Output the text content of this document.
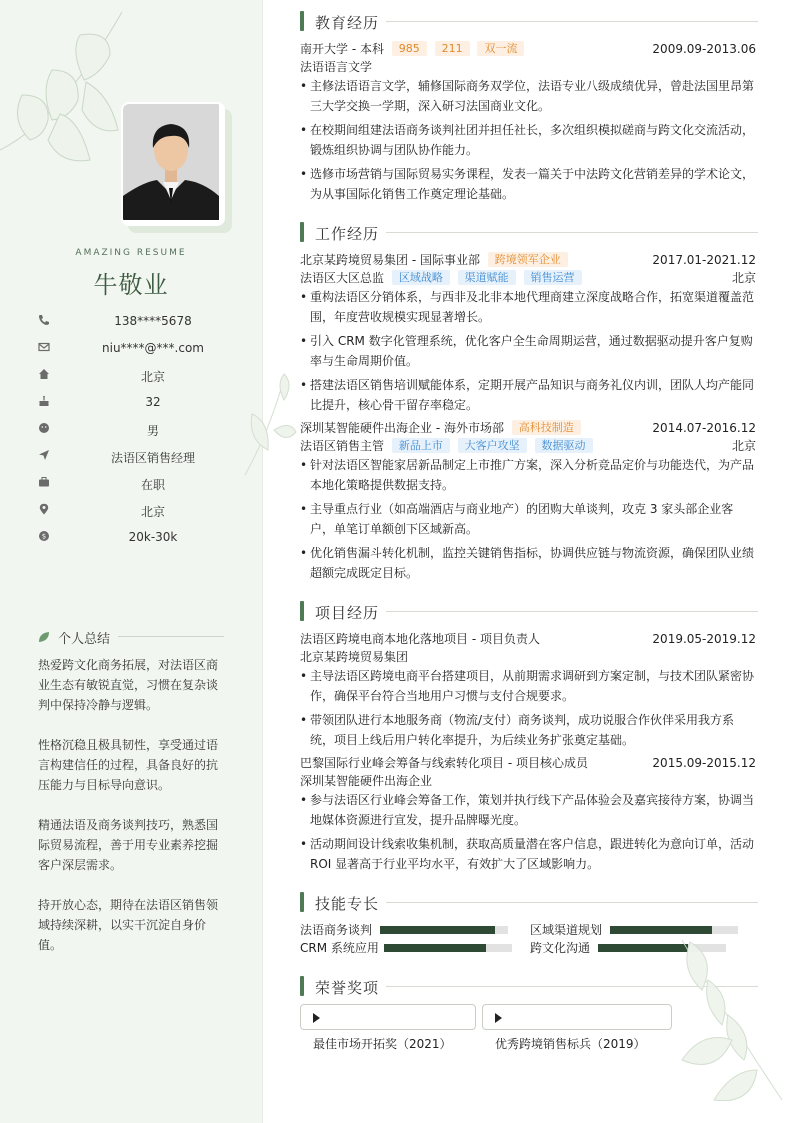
AMAZING RESUME
牛敬业
138****5678
niu****@***.com
北京
32
男
法语区销售经理
在职
北京
$	20k-30k
个人总结
热爱跨文化商务拓展，对法语区商业生态有敏锐直觉，习惯在复杂谈判中保持冷静与逻辑。
性格沉稳且极具韧性，享受通过语言构建信任的过程，具备良好的抗压能力与目标导向意识。
精通法语及商务谈判技巧，熟悉国际贸易流程，善于用专业素养挖掘客户深层需求。
持开放心态，期待在法语区销售领域持续深耕，以实干沉淀自身价值。
教育经历
南开大学 - 本科 985 211 双一流	2009.09-2013.06
法语语言文学
• 主修法语语言文学，辅修国际商务双学位，法语专业八级成绩优异，曾赴法国里昂第三大学交换一学期，深入研习法国商业文化。
• 在校期间组建法语商务谈判社团并担任社长，多次组织模拟磋商与跨文化交流活动，锻炼组织协调与团队协作能力。
• 选修市场营销与国际贸易实务课程，发表一篇关于中法跨文化营销差异的学术论文，为从事国际化销售工作奠定理论基础。
工作经历
北京某跨境贸易集团 - 国际事业部 跨境领军企业	2017.01-2021.12
法语区大区总监 区域战略 渠道赋能 销售运营	北京
• 重构法语区分销体系，与西非及北非本地代理商建立深度战略合作，拓宽渠道覆盖范围，年度营收规模实现显著增长。
• 引入 CRM 数字化管理系统，优化客户全生命周期运营，通过数据驱动提升客户复购率与生命周期价值。
• 搭建法语区销售培训赋能体系，定期开展产品知识与商务礼仪内训，团队人均产能同比提升，核心骨干留存率稳定。
深圳某智能硬件出海企业 - 海外市场部 高科技制造	2014.07-2016.12
法语区销售主管 新品上市 大客户攻坚 数据驱动	北京
• 针对法语区智能家居新品制定上市推广方案，深入分析竞品定价与功能迭代，为产品本地化策略提供数据支持。
• 主导重点行业（如高端酒店与商业地产）的团购大单谈判，攻克 3 家头部企业客户，单笔订单额创下区域新高。
• 优化销售漏斗转化机制，监控关键销售指标，协调供应链与物流资源，确保团队业绩超额完成既定目标。
项目经历
法语区跨境电商本地化落地项目 - 项目负责人	2019.05-2019.12
北京某跨境贸易集团
• 主导法语区跨境电商平台搭建项目，从前期需求调研到方案定制，与技术团队紧密协作，确保平台符合当地用户习惯与支付合规要求。
• 带领团队进行本地服务商（物流/支付）商务谈判，成功说服合作伙伴采用我方系统，项目上线后用户转化率提升，为后续业务扩张奠定基础。
巴黎国际行业峰会筹备与线索转化项目 - 项目核心成员	2015.09-2015.12
深圳某智能硬件出海企业
• 参与法语区行业峰会筹备工作，策划并执行线下产品体验会及嘉宾接待方案，协调当地媒体资源进行宣发，提升品牌曝光度。
• 活动期间设计线索收集机制，获取高质量潜在客户信息，跟进转化为意向订单，活动 ROI 显著高于行业平均水平，有效扩大了区域影响力。
技能专长
法语商务谈判	区域渠道规划
CRM 系统应用	跨文化沟通
荣誉奖项
最佳市场开拓奖（2021）	优秀跨境销售标兵（2019）
